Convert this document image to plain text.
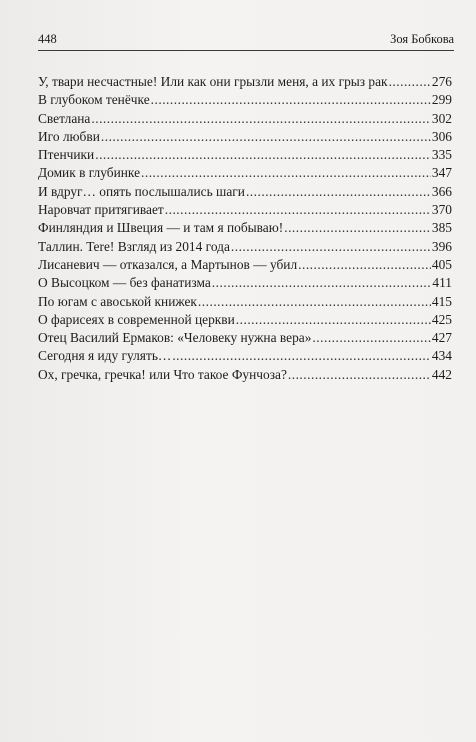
448	Зоя Бобкова
У, твари несчастные! Или как они грызли меня, а их грыз рак .....	276
В глубоком тенёчке .....	299
Светлана .....	302
Иго любви .....	306
Птенчики .....	335
Домик в глубинке .....	347
И вдруг… опять послышались шаги .....	366
Наровчат притягивает .....	370
Финляндия и Швеция — и там я побываю! .....	385
Таллин. Tere! Взгляд из 2014 года .....	396
Лисаневич — отказался, а Мартынов — убил .....	405
О Высоцком — без фанатизма .....	411
По югам с авоськой книжек .....	415
О фарисеях в современной церкви .....	425
Отец Василий Ермаков: «Человеку нужна вера» .....	427
Сегодня я иду гулять… .....	434
Ох, гречка, гречка! или Что такое Фунчоза? .....	442
